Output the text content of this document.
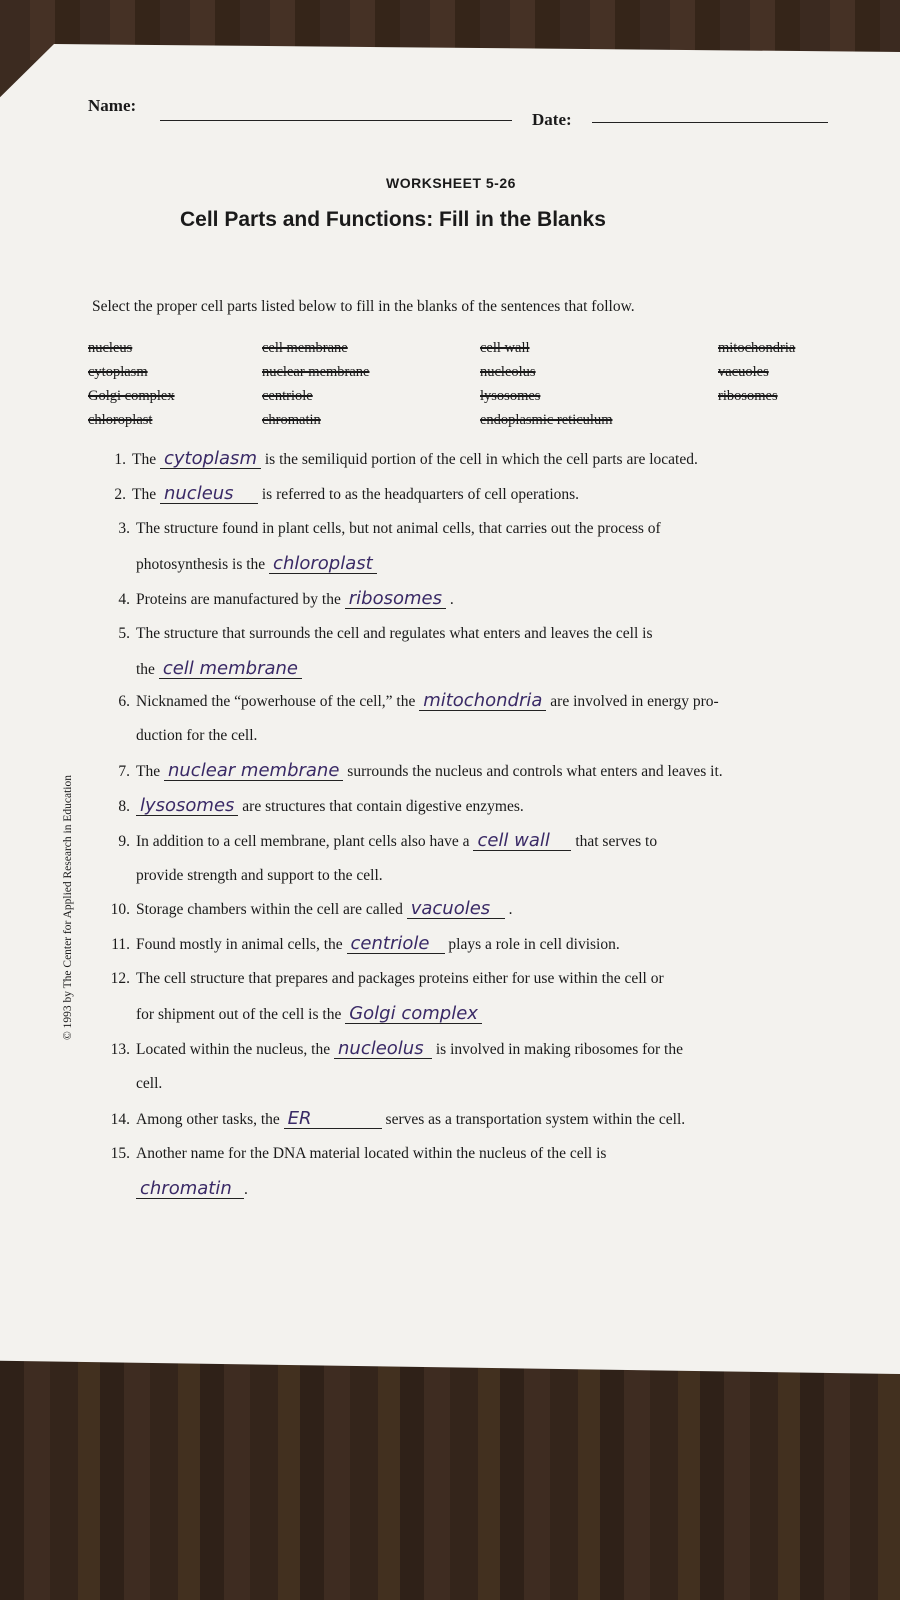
Name:
Date:
WORKSHEET 5-26
Cell Parts and Functions: Fill in the Blanks
Select the proper cell parts listed below to fill in the blanks of the sentences that follow.
nucleus	cell membrane	cell wall	mitochondria
cytoplasm	nuclear membrane	nucleolus	vacuoles
Golgi complex	centriole	lysosomes	ribosomes
chloroplast	chromatin	endoplasmic reticulum
© 1993 by The Center for Applied Research in Education
1. The cytoplasm is the semiliquid portion of the cell in which the cell parts are located.
2. The nucleus is referred to as the headquarters of cell operations.
3. The structure found in plant cells, but not animal cells, that carries out the process of
photosynthesis is the chloroplast
4. Proteins are manufactured by the ribosomes .
5. The structure that surrounds the cell and regulates what enters and leaves the cell is
the cell membrane
6. Nicknamed the “powerhouse of the cell,” the mitochondria are involved in energy pro-
duction for the cell.
7. The nuclear membrane surrounds the nucleus and controls what enters and leaves it.
8. lysosomes are structures that contain digestive enzymes.
9. In addition to a cell membrane, plant cells also have a cell wall that serves to
provide strength and support to the cell.
10. Storage chambers within the cell are called vacuoles .
11. Found mostly in animal cells, the centriole plays a role in cell division.
12. The cell structure that prepares and packages proteins either for use within the cell or
for shipment out of the cell is the Golgi complex
13. Located within the nucleus, the nucleolus is involved in making ribosomes for the
cell.
14. Among other tasks, the ER	serves as a transportation system within the cell.
15. Another name for the DNA material located within the nucleus of the cell is
chromatin .
